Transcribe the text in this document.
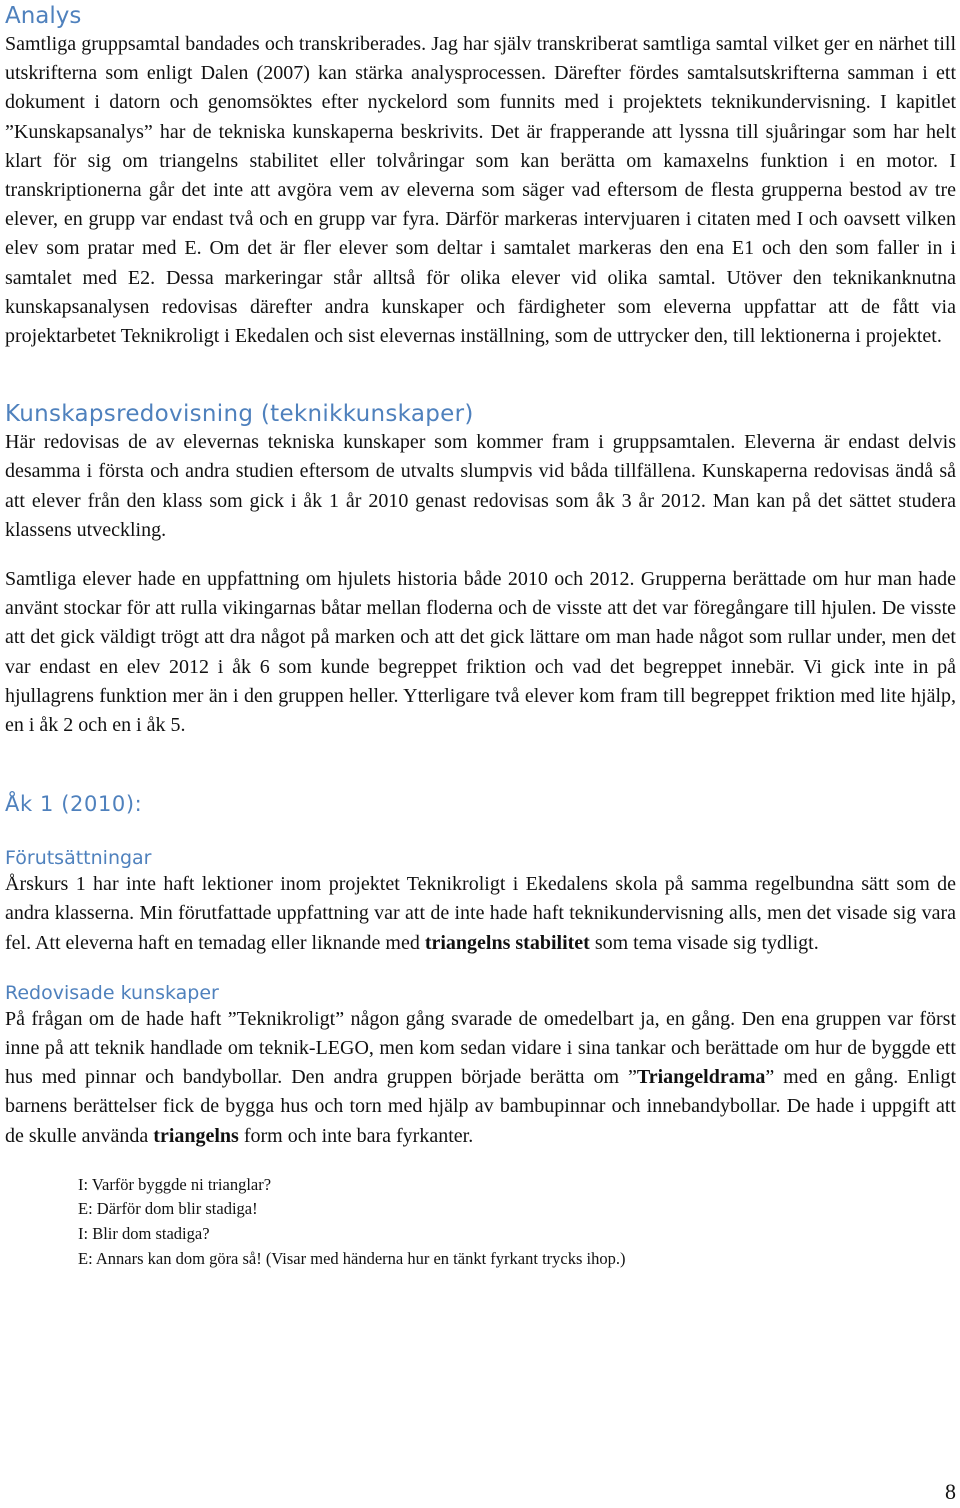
Analys

Samtliga gruppsamtal bandades och transkriberades. Jag har själv transkriberat samtliga samtal vilket ger en närhet till utskrifterna som enligt Dalen (2007) kan stärka analysprocessen. Därefter fördes samtalsutskrifterna samman i ett dokument i datorn och genomsöktes efter nyckelord som funnits med i projektets teknikundervisning. I kapitlet ”Kunskapsanalys” har de tekniska kunskaperna beskrivits. Det är frapperande att lyssna till sjuåringar som har helt klart för sig om triangelns stabilitet eller tolvåringar som kan berätta om kamaxelns funktion i en motor. I transkriptionerna går det inte att avgöra vem av eleverna som säger vad eftersom de flesta grupperna bestod av tre elever, en grupp var endast två och en grupp var fyra. Därför markeras intervjuaren i citaten med I och oavsett vilken elev som pratar med E. Om det är fler elever som deltar i samtalet markeras den ena E1 och den som faller in i samtalet med E2. Dessa markeringar står alltså för olika elever vid olika samtal. Utöver den teknikanknutna kunskapsanalysen redovisas därefter andra kunskaper och färdigheter som eleverna uppfattar att de fått via projektarbetet Teknikroligt i Ekedalen och sist elevernas inställning, som de uttrycker den, till lektionerna i projektet.

Kunskapsredovisning (teknikkunskaper)

Här redovisas de av elevernas tekniska kunskaper som kommer fram i gruppsamtalen. Eleverna är endast delvis desamma i första och andra studien eftersom de utvalts slumpvis vid båda tillfällena. Kunskaperna redovisas ändå så att elever från den klass som gick i åk 1 år 2010 genast redovisas som åk 3 år 2012. Man kan på det sättet studera klassens utveckling.

Samtliga elever hade en uppfattning om hjulets historia både 2010 och 2012. Grupperna berättade om hur man hade använt stockar för att rulla vikingarnas båtar mellan floderna och de visste att det var föregångare till hjulen. De visste att det gick väldigt trögt att dra något på marken och att det gick lättare om man hade något som rullar under, men det var endast en elev 2012 i åk 6 som kunde begreppet friktion och vad det begreppet innebär. Vi gick inte in på hjullagrens funktion mer än i den gruppen heller. Ytterligare två elever kom fram till begreppet friktion med lite hjälp, en i åk 2 och en i åk 5.

Åk 1 (2010):
Förutsättningar

Årskurs 1 har inte haft lektioner inom projektet Teknikroligt i Ekedalens skola på samma regelbundna sätt som de andra klasserna. Min förutfattade uppfattning var att de inte hade haft teknikundervisning alls, men det visade sig vara fel. Att eleverna haft en temadag eller liknande med triangelns stabilitet som tema visade sig tydligt.

Redovisade kunskaper

På frågan om de hade haft ”Teknikroligt” någon gång svarade de omedelbart ja, en gång. Den ena gruppen var först inne på att teknik handlade om teknik-LEGO, men kom sedan vidare i sina tankar och berättade om hur de byggde ett hus med pinnar och bandybollar. Den andra gruppen började berätta om ”Triangeldrama” med en gång. Enligt barnens berättelser fick de bygga hus och torn med hjälp av bambupinnar och innebandybollar. De hade i uppgift att de skulle använda triangelns form och inte bara fyrkanter.

I: Varför byggde ni trianglar?
E: Därför dom blir stadiga!
I: Blir dom stadiga?
E: Annars kan dom göra så! (Visar med händerna hur en tänkt fyrkant trycks ihop.)
8
